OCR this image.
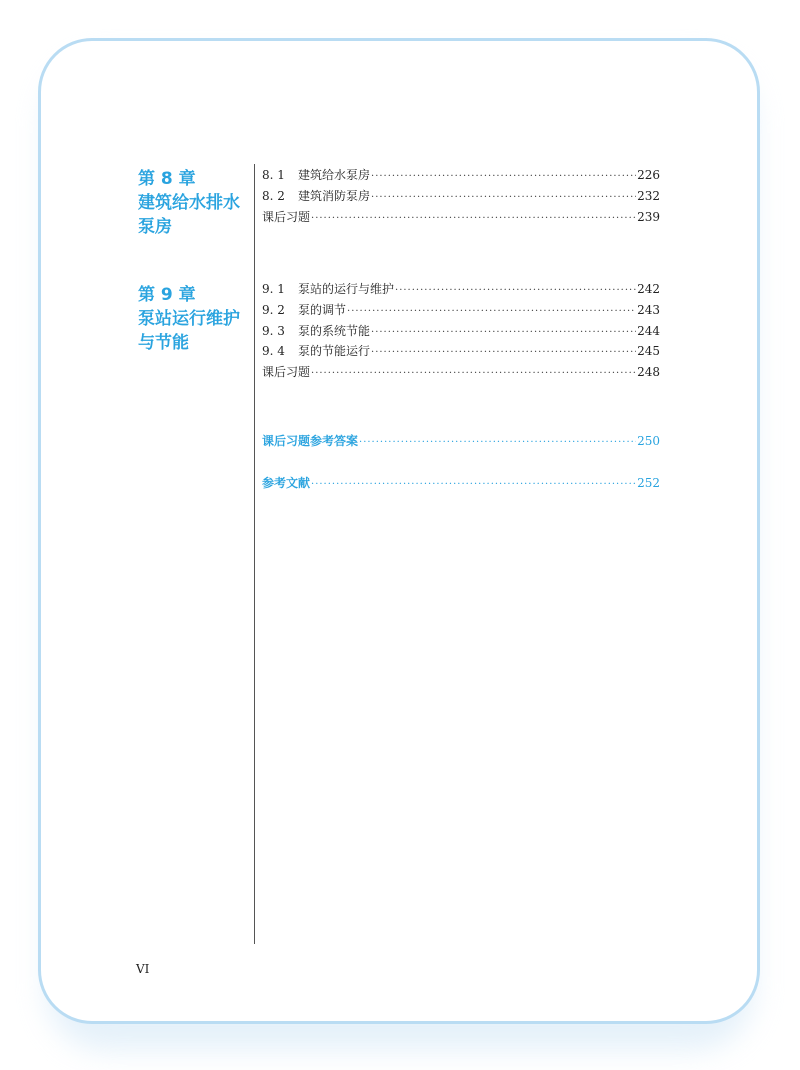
第 8 章
建筑给水排水
泵房
8. 1	建筑给水泵房 ·····	226
8. 2	建筑消防泵房 ·····	232
课后习题 ·····	239
第 9 章
泵站运行维护
与节能
9. 1	泵站的运行与维护 ·····	242
9. 2	泵的调节 ·····	243
9. 3	泵的系统节能 ·····	244
9. 4	泵的节能运行 ·····	245
课后习题 ·····	248
课后习题参考答案 ·····	250
参考文献 ·····	252
VI
